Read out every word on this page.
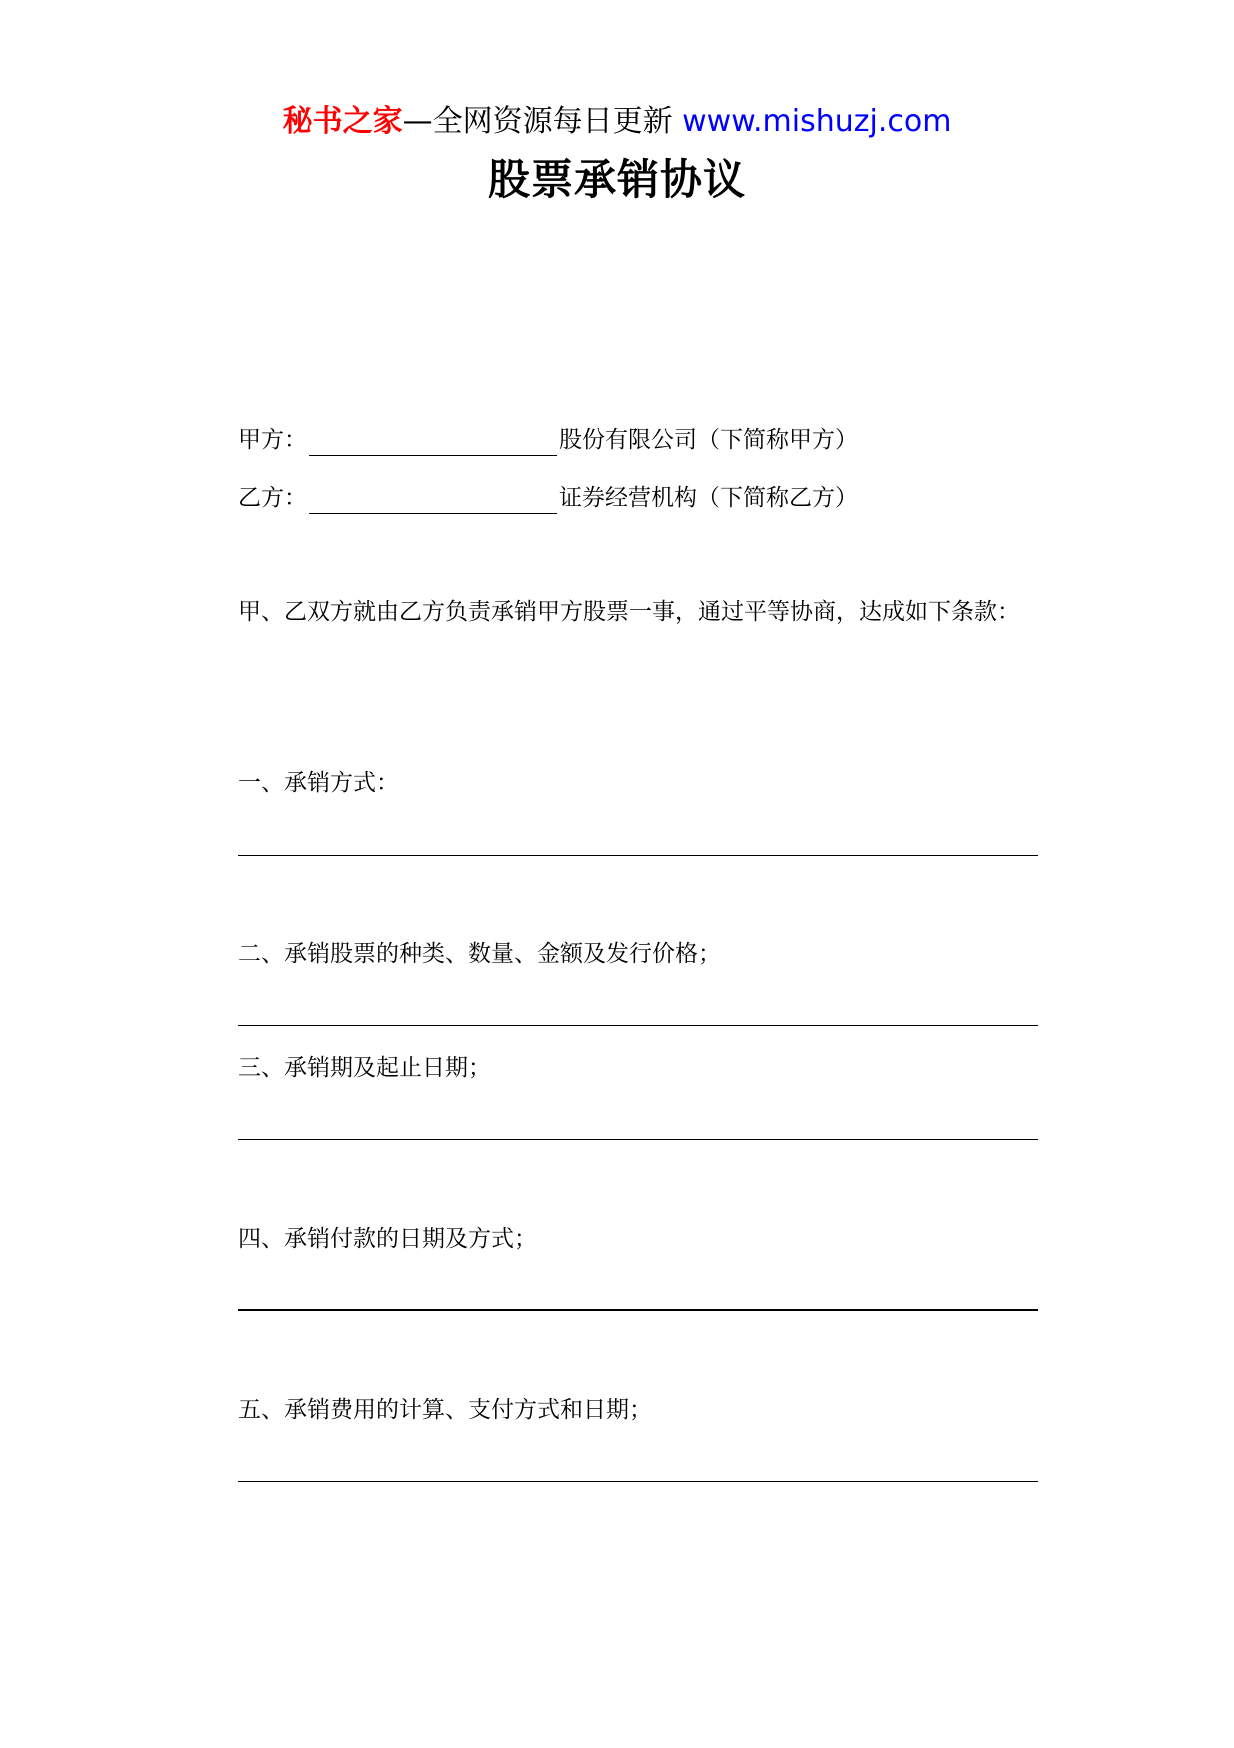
秘书之家—全网资源每日更新 www.mishuzj.com
股票承销协议
甲方：	股份有限公司（下简称甲方）
乙方：	证券经营机构（下简称乙方）
甲、乙双方就由乙方负责承销甲方股票一事，通过平等协商，达成如下条款：
一、承销方式：
二、承销股票的种类、数量、金额及发行价格；
三、承销期及起止日期；
四、承销付款的日期及方式；
五、承销费用的计算、支付方式和日期；
